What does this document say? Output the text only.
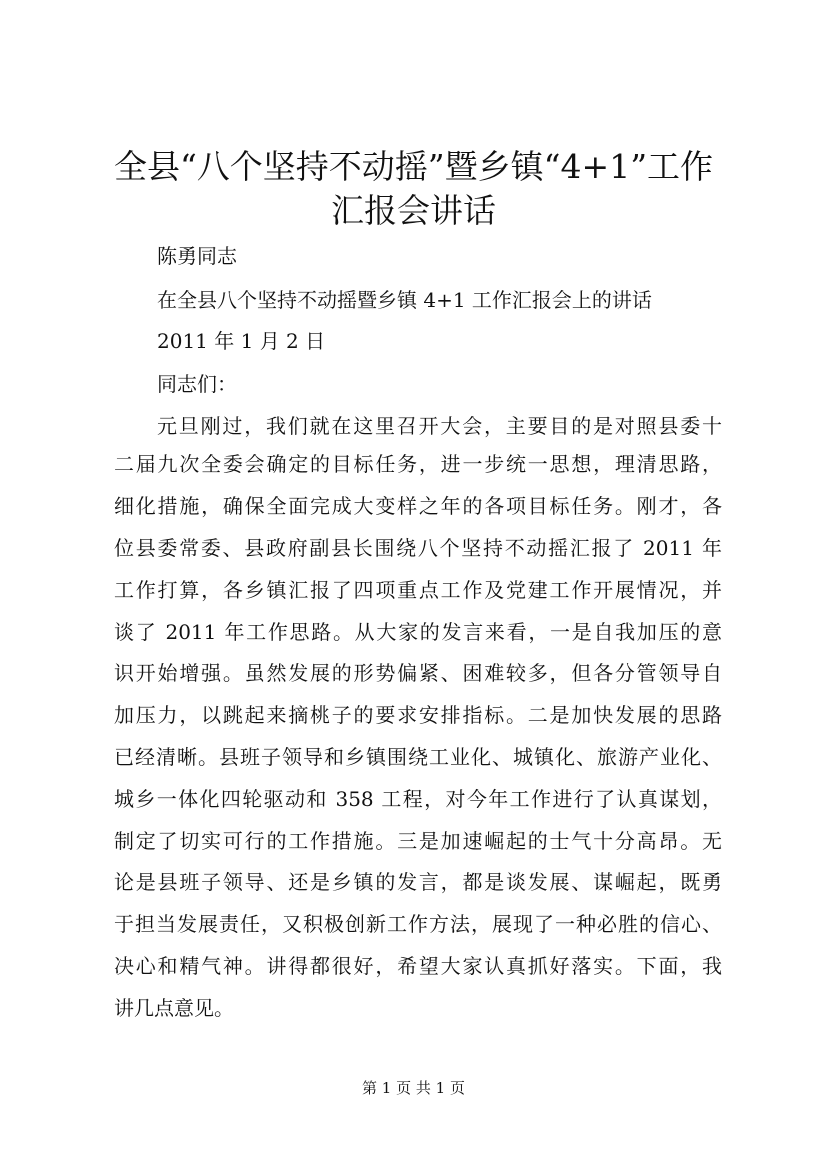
全县“八个坚持不动摇”暨乡镇“4+1”工作
汇报会讲话

陈勇同志

在全县八个坚持不动摇暨乡镇 4+1 工作汇报会上的讲话

2011 年 1 月 2 日

同志们：

元旦刚过，我们就在这里召开大会，主要目的是对照县委十

二届九次全委会确定的目标任务，进一步统一思想，理清思路，

细化措施，确保全面完成大变样之年的各项目标任务。刚才，各

位县委常委、县政府副县长围绕八个坚持不动摇汇报了 2011 年

工作打算，各乡镇汇报了四项重点工作及党建工作开展情况，并

谈了 2011 年工作思路。从大家的发言来看，一是自我加压的意

识开始增强。虽然发展的形势偏紧、困难较多，但各分管领导自

加压力，以跳起来摘桃子的要求安排指标。二是加快发展的思路

已经清晰。县班子领导和乡镇围绕工业化、城镇化、旅游产业化、

城乡一体化四轮驱动和 358 工程，对今年工作进行了认真谋划，

制定了切实可行的工作措施。三是加速崛起的士气十分高昂。无

论是县班子领导、还是乡镇的发言，都是谈发展、谋崛起，既勇

于担当发展责任，又积极创新工作方法，展现了一种必胜的信心、

决心和精气神。讲得都很好，希望大家认真抓好落实。下面，我

讲几点意见。

第 1 页 共 1 页
